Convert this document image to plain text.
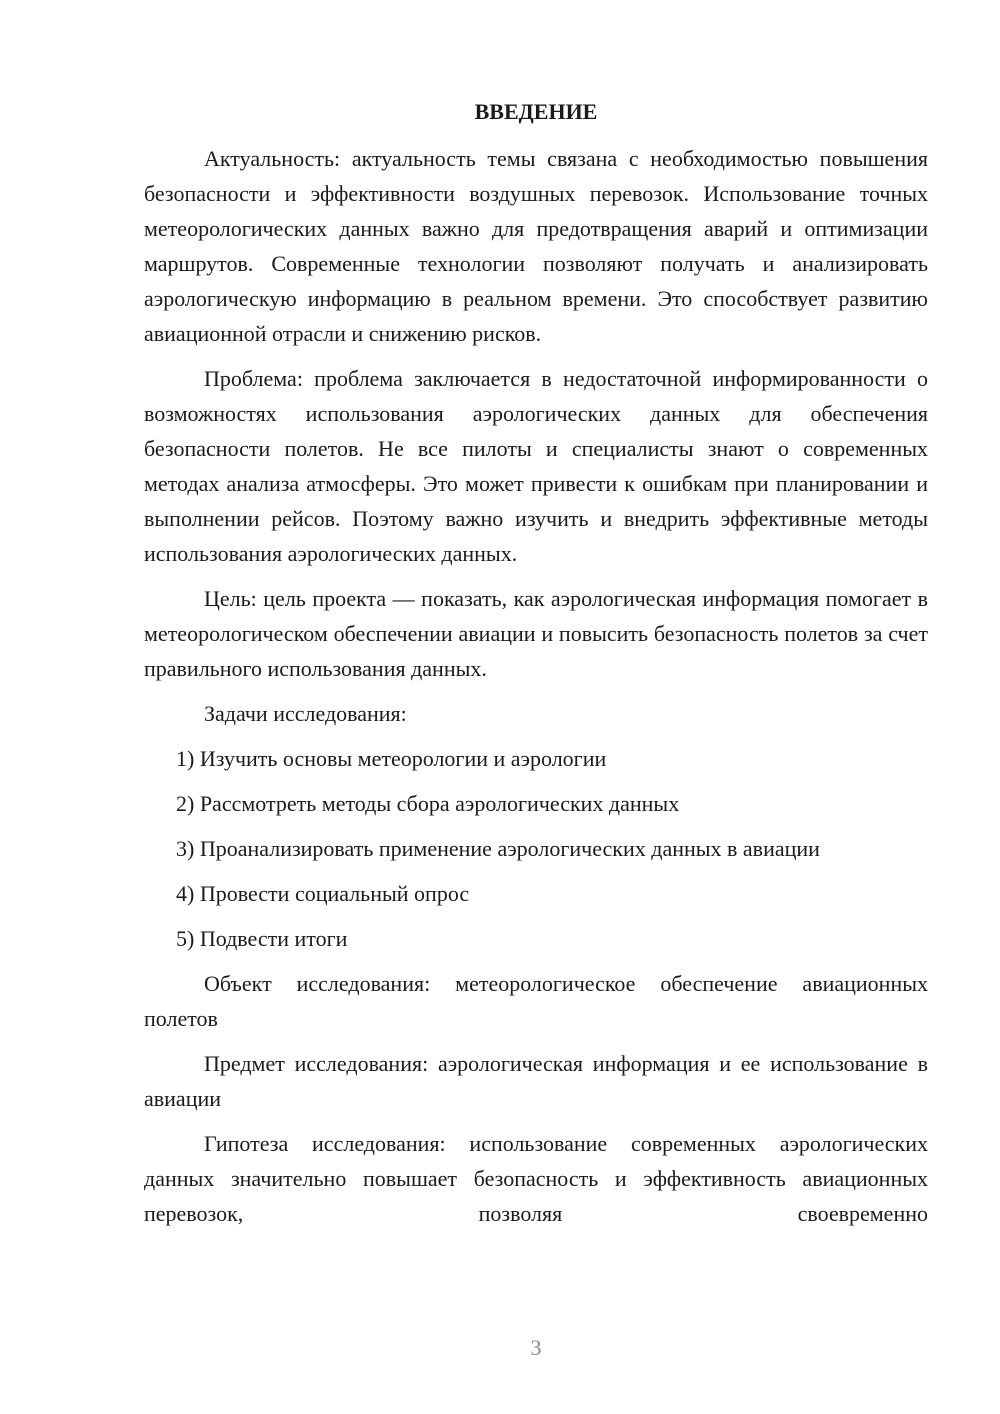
ВВЕДЕНИЕ

Актуальность: актуальность темы связана с необходимостью повышения безопасности и эффективности воздушных перевозок. Использование точных метеорологических данных важно для предотвращения аварий и оптимизации маршрутов. Современные технологии позволяют получать и анализировать аэрологическую информацию в реальном времени. Это способствует развитию авиационной отрасли и снижению рисков.

Проблема: проблема заключается в недостаточной информированности о возможностях использования аэрологических данных для обеспечения безопасности полетов. Не все пилоты и специалисты знают о современных методах анализа атмосферы. Это может привести к ошибкам при планировании и выполнении рейсов. Поэтому важно изучить и внедрить эффективные методы использования аэрологических данных.

Цель: цель проекта — показать, как аэрологическая информация помогает в метеорологическом обеспечении авиации и повысить безопасность полетов за счет правильного использования данных.

Задачи исследования:

1) Изучить основы метеорологии и аэрологии

2) Рассмотреть методы сбора аэрологических данных

3) Проанализировать применение аэрологических данных в авиации

4) Провести социальный опрос

5) Подвести итоги

Объект исследования: метеорологическое обеспечение авиационных полетов

Предмет исследования: аэрологическая информация и ее использование в авиации

Гипотеза исследования: использование современных аэрологических данных значительно повышает безопасность и эффективность авиационных перевозок, позволяя своевременно

3
